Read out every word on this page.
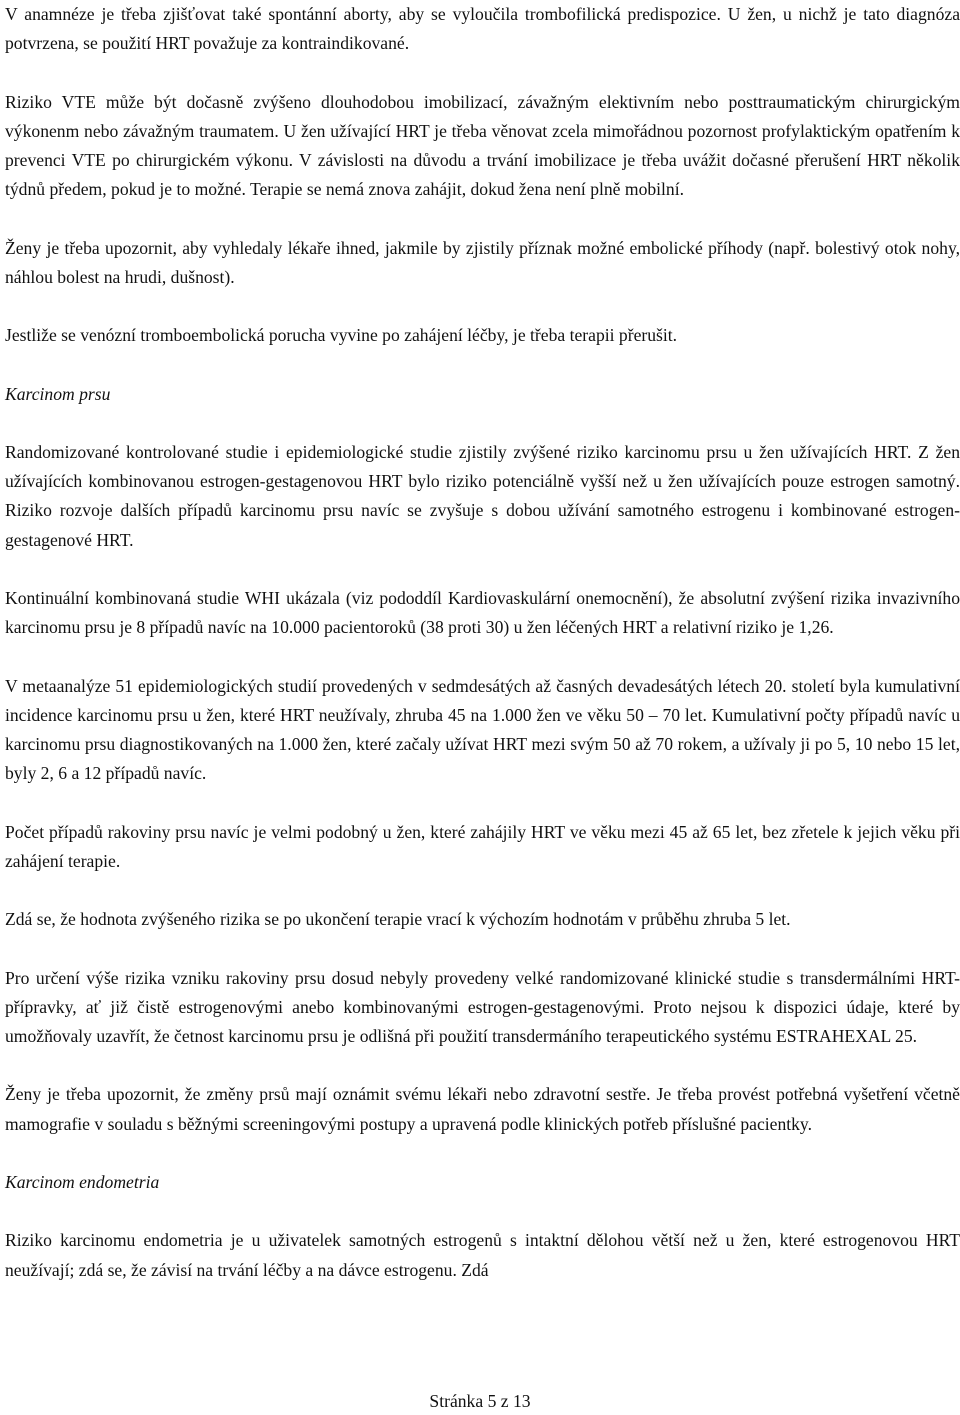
V anamnéze je třeba zjišťovat také spontánní aborty, aby se vyloučila trombofilická predispozice. U žen, u nichž je tato diagnóza potvrzena, se použití HRT považuje za kontraindikované.

Riziko VTE může být dočasně zvýšeno dlouhodobou imobilizací, závažným elektivním nebo posttraumatickým chirurgickým výkonenm nebo závažným traumatem. U žen užívající HRT je třeba věnovat zcela mimořádnou pozornost profylaktickým opatřením k prevenci VTE po chirurgickém výkonu. V závislosti na důvodu a trvání imobilizace je třeba uvážit dočasné přerušení HRT několik týdnů předem, pokud je to možné. Terapie se nemá znova zahájit, dokud žena není plně mobilní.

Ženy je třeba upozornit, aby vyhledaly lékaře ihned, jakmile by zjistily příznak možné embolické příhody (např. bolestivý otok nohy, náhlou bolest na hrudi, dušnost).

Jestliže se venózní tromboembolická porucha vyvine po zahájení léčby, je třeba terapii přerušit.

Karcinom prsu

Randomizované kontrolované studie i epidemiologické studie zjistily zvýšené riziko karcinomu prsu u žen užívajících HRT. Z žen užívajících kombinovanou estrogen-gestagenovou HRT bylo riziko potenciálně vyšší než u žen užívajících pouze estrogen samotný. Riziko rozvoje dalších případů karcinomu prsu navíc se zvyšuje s dobou užívání samotného estrogenu i kombinované estrogen-gestagenové HRT.

Kontinuální kombinovaná studie WHI ukázala (viz pododdíl Kardiovaskulární onemocnění), že absolutní zvýšení rizika invazivního karcinomu prsu je 8 případů navíc na 10.000 pacientoroků (38 proti 30) u žen léčených HRT a relativní riziko je 1,26.

V metaanalýze 51 epidemiologických studií provedených v sedmdesátých až časných devadesátých létech 20. století byla kumulativní incidence karcinomu prsu u žen, které HRT neužívaly, zhruba 45 na 1.000 žen ve věku 50 – 70 let. Kumulativní počty případů navíc u karcinomu prsu diagnostikovaných na 1.000 žen, které začaly užívat HRT mezi svým 50 až 70 rokem, a užívaly ji po 5, 10 nebo 15 let, byly 2, 6 a 12 případů navíc.

Počet případů rakoviny prsu navíc je velmi podobný u žen, které zahájily HRT ve věku mezi 45 až 65 let, bez zřetele k jejich věku při zahájení terapie.

Zdá se, že hodnota zvýšeného rizika se po ukončení terapie vrací k výchozím hodnotám v průběhu zhruba 5 let.

Pro určení výše rizika vzniku rakoviny prsu dosud nebyly provedeny velké randomizované klinické studie s transdermálními HRT-přípravky, ať již čistě estrogenovými anebo kombinovanými estrogen-gestagenovými. Proto nejsou k dispozici údaje, které by umožňovaly uzavřít, že četnost karcinomu prsu je odlišná při použití transdermáního terapeutického systému ESTRAHEXAL 25.

Ženy je třeba upozornit, že změny prsů mají oznámit svému lékaři nebo zdravotní sestře. Je třeba provést potřebná vyšetření včetně mamografie v souladu s běžnými screeningovými postupy a upravená podle klinických potřeb příslušné pacientky.

Karcinom endometria

Riziko karcinomu endometria je u uživatelek samotných estrogenů s intaktní dělohou větší než u žen, které estrogenovou HRT neužívají; zdá se, že závisí na trvání léčby a na dávce estrogenu. Zdá

Stránka 5 z 13
